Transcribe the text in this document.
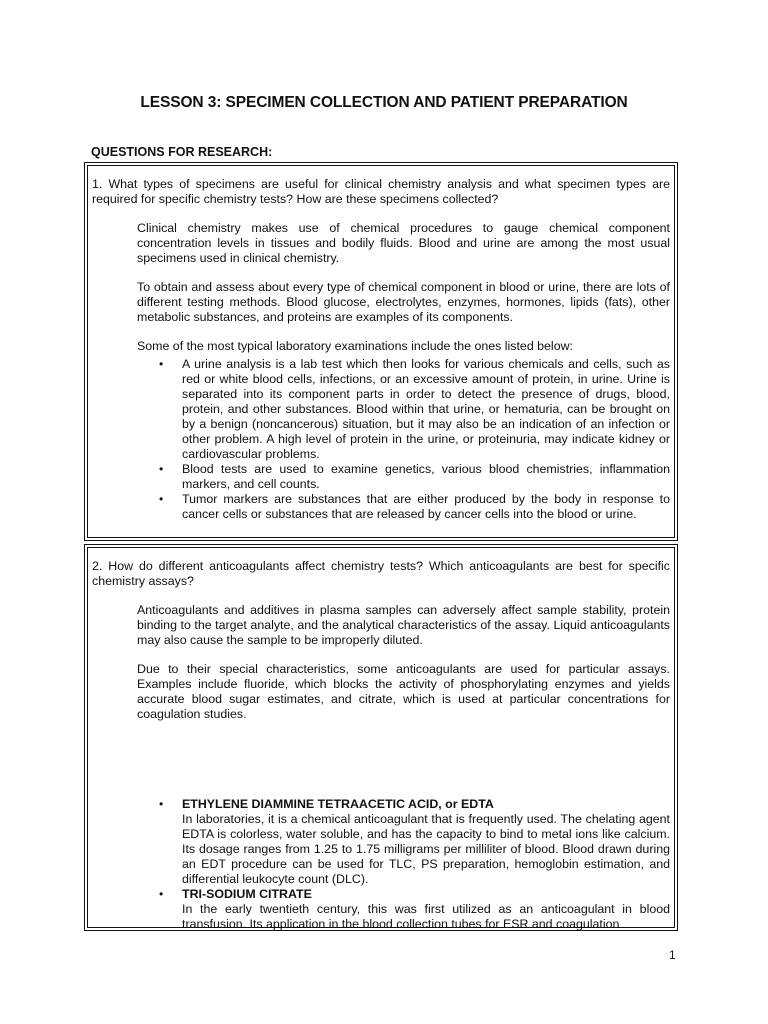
LESSON 3: SPECIMEN COLLECTION AND PATIENT PREPARATION
QUESTIONS FOR RESEARCH:

1. What types of specimens are useful for clinical chemistry analysis and what specimen types are required for specific chemistry tests? How are these specimens collected?

Clinical chemistry makes use of chemical procedures to gauge chemical component concentration levels in tissues and bodily fluids. Blood and urine are among the most usual specimens used in clinical chemistry.

To obtain and assess about every type of chemical component in blood or urine, there are lots of different testing methods. Blood glucose, electrolytes, enzymes, hormones, lipids (fats), other metabolic substances, and proteins are examples of its components.

Some of the most typical laboratory examinations include the ones listed below:

• A urine analysis is a lab test which then looks for various chemicals and cells, such as red or white blood cells, infections, or an excessive amount of protein, in urine. Urine is separated into its component parts in order to detect the presence of drugs, blood, protein, and other substances. Blood within that urine, or hematuria, can be brought on by a benign (noncancerous) situation, but it may also be an indication of an infection or other problem. A high level of protein in the urine, or proteinuria, may indicate kidney or cardiovascular problems.
• Blood tests are used to examine genetics, various blood chemistries, inflammation markers, and cell counts.
• Tumor markers are substances that are either produced by the body in response to cancer cells or substances that are released by cancer cells into the blood or urine.

2. How do different anticoagulants affect chemistry tests? Which anticoagulants are best for specific chemistry assays?

Anticoagulants and additives in plasma samples can adversely affect sample stability, protein binding to the target analyte, and the analytical characteristics of the assay. Liquid anticoagulants may also cause the sample to be improperly diluted.

Due to their special characteristics, some anticoagulants are used for particular assays. Examples include fluoride, which blocks the activity of phosphorylating enzymes and yields accurate blood sugar estimates, and citrate, which is used at particular concentrations for coagulation studies.

• ETHYLENE DIAMMINE TETRAACETIC ACID, or EDTA
In laboratories, it is a chemical anticoagulant that is frequently used. The chelating agent EDTA is colorless, water soluble, and has the capacity to bind to metal ions like calcium. Its dosage ranges from 1.25 to 1.75 milligrams per milliliter of blood. Blood drawn during an EDT procedure can be used for TLC, PS preparation, hemoglobin estimation, and differential leukocyte count (DLC).
• TRI-SODIUM CITRATE
In the early twentieth century, this was first utilized as an anticoagulant in blood transfusion. Its application in the blood collection tubes for ESR and coagulation
1
